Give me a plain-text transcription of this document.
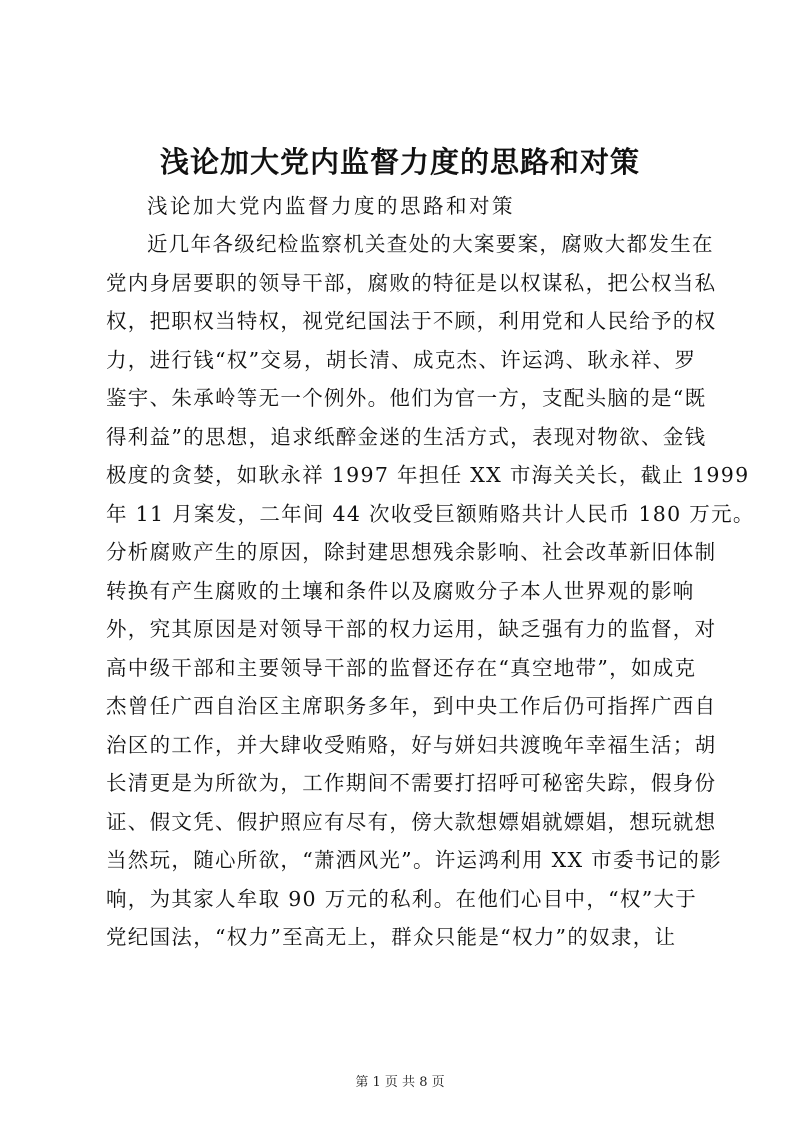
浅论加大党内监督力度的思路和对策

浅论加大党内监督力度的思路和对策

近几年各级纪检监察机关查处的大案要案，腐败大都发生在
党内身居要职的领导干部，腐败的特征是以权谋私，把公权当私
权，把职权当特权，视党纪国法于不顾，利用党和人民给予的权
力，进行钱“权”交易，胡长清、成克杰、许运鸿、耿永祥、罗
鉴宇、朱承岭等无一个例外。他们为官一方，支配头脑的是“既
得利益”的思想，追求纸醉金迷的生活方式，表现对物欲、金钱
极度的贪婪，如耿永祥 1997 年担任 XX 市海关关长，截止 1999
年 11 月案发，二年间 44 次收受巨额贿赂共计人民币 180 万元。
分析腐败产生的原因，除封建思想残余影响、社会改革新旧体制
转换有产生腐败的土壤和条件以及腐败分子本人世界观的影响
外，究其原因是对领导干部的权力运用，缺乏强有力的监督，对
高中级干部和主要领导干部的监督还存在“真空地带”，如成克
杰曾任广西自治区主席职务多年，到中央工作后仍可指挥广西自
治区的工作，并大肆收受贿赂，好与姘妇共渡晚年幸福生活；胡
长清更是为所欲为，工作期间不需要打招呼可秘密失踪，假身份
证、假文凭、假护照应有尽有，傍大款想嫖娼就嫖娼，想玩就想
当然玩，随心所欲，“萧洒风光”。许运鸿利用 XX 市委书记的影
响，为其家人牟取 90 万元的私利。在他们心目中，“权”大于
党纪国法，“权力”至高无上，群众只能是“权力”的奴隶，让
第 1 页 共 8 页
